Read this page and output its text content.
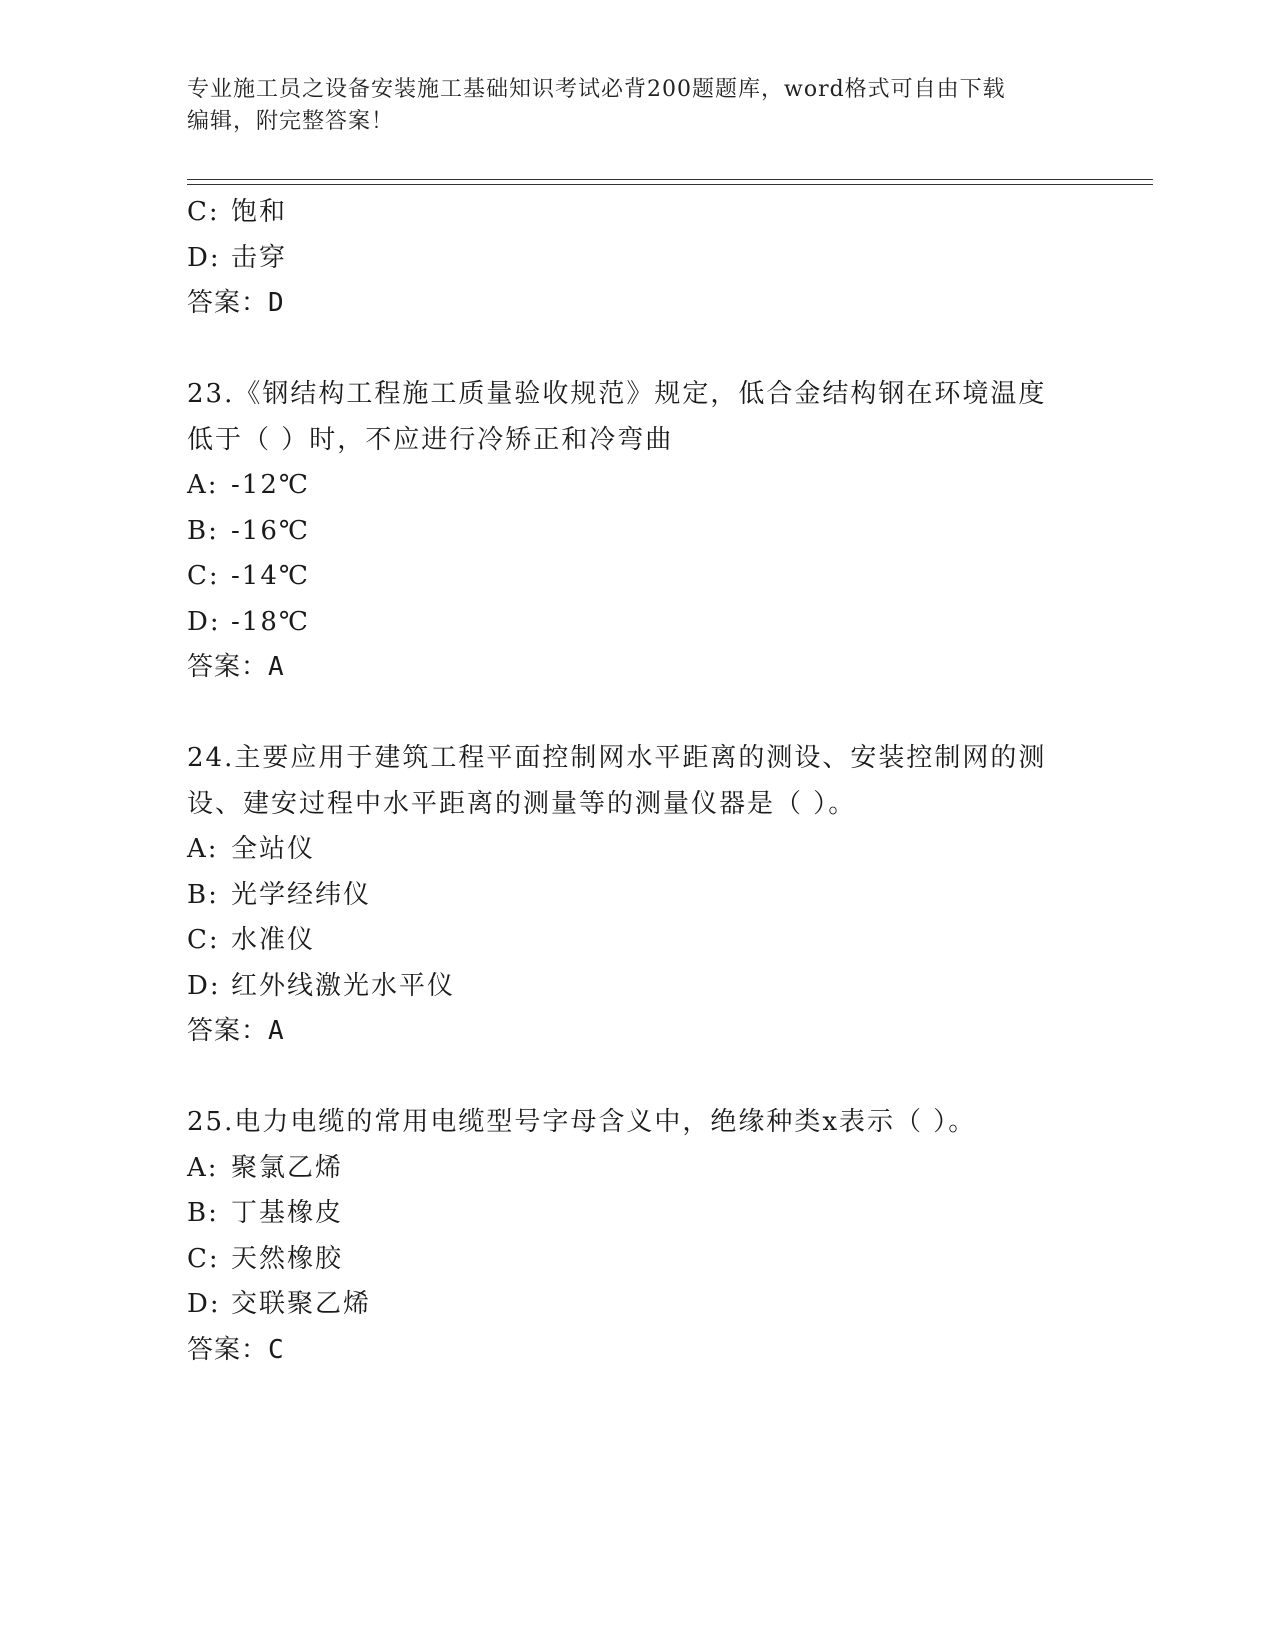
专业施工员之设备安装施工基础知识考试必背200题题库，word格式可自由下载
编辑，附完整答案！
C: 饱和
D: 击穿
答案：D
23.《钢结构工程施工质量验收规范》规定，低合金结构钢在环境温度
低于（ ）时，不应进行冷矫正和冷弯曲
A: -12℃
B: -16℃
C: -14℃
D: -18℃
答案：A
24.主要应用于建筑工程平面控制网水平距离的测设、安装控制网的测
设、建安过程中水平距离的测量等的测量仪器是（ ）。
A: 全站仪
B: 光学经纬仪
C: 水准仪
D: 红外线激光水平仪
答案：A
25.电力电缆的常用电缆型号字母含义中，绝缘种类x表示（ ）。
A: 聚氯乙烯
B: 丁基橡皮
C: 天然橡胶
D: 交联聚乙烯
答案：C
